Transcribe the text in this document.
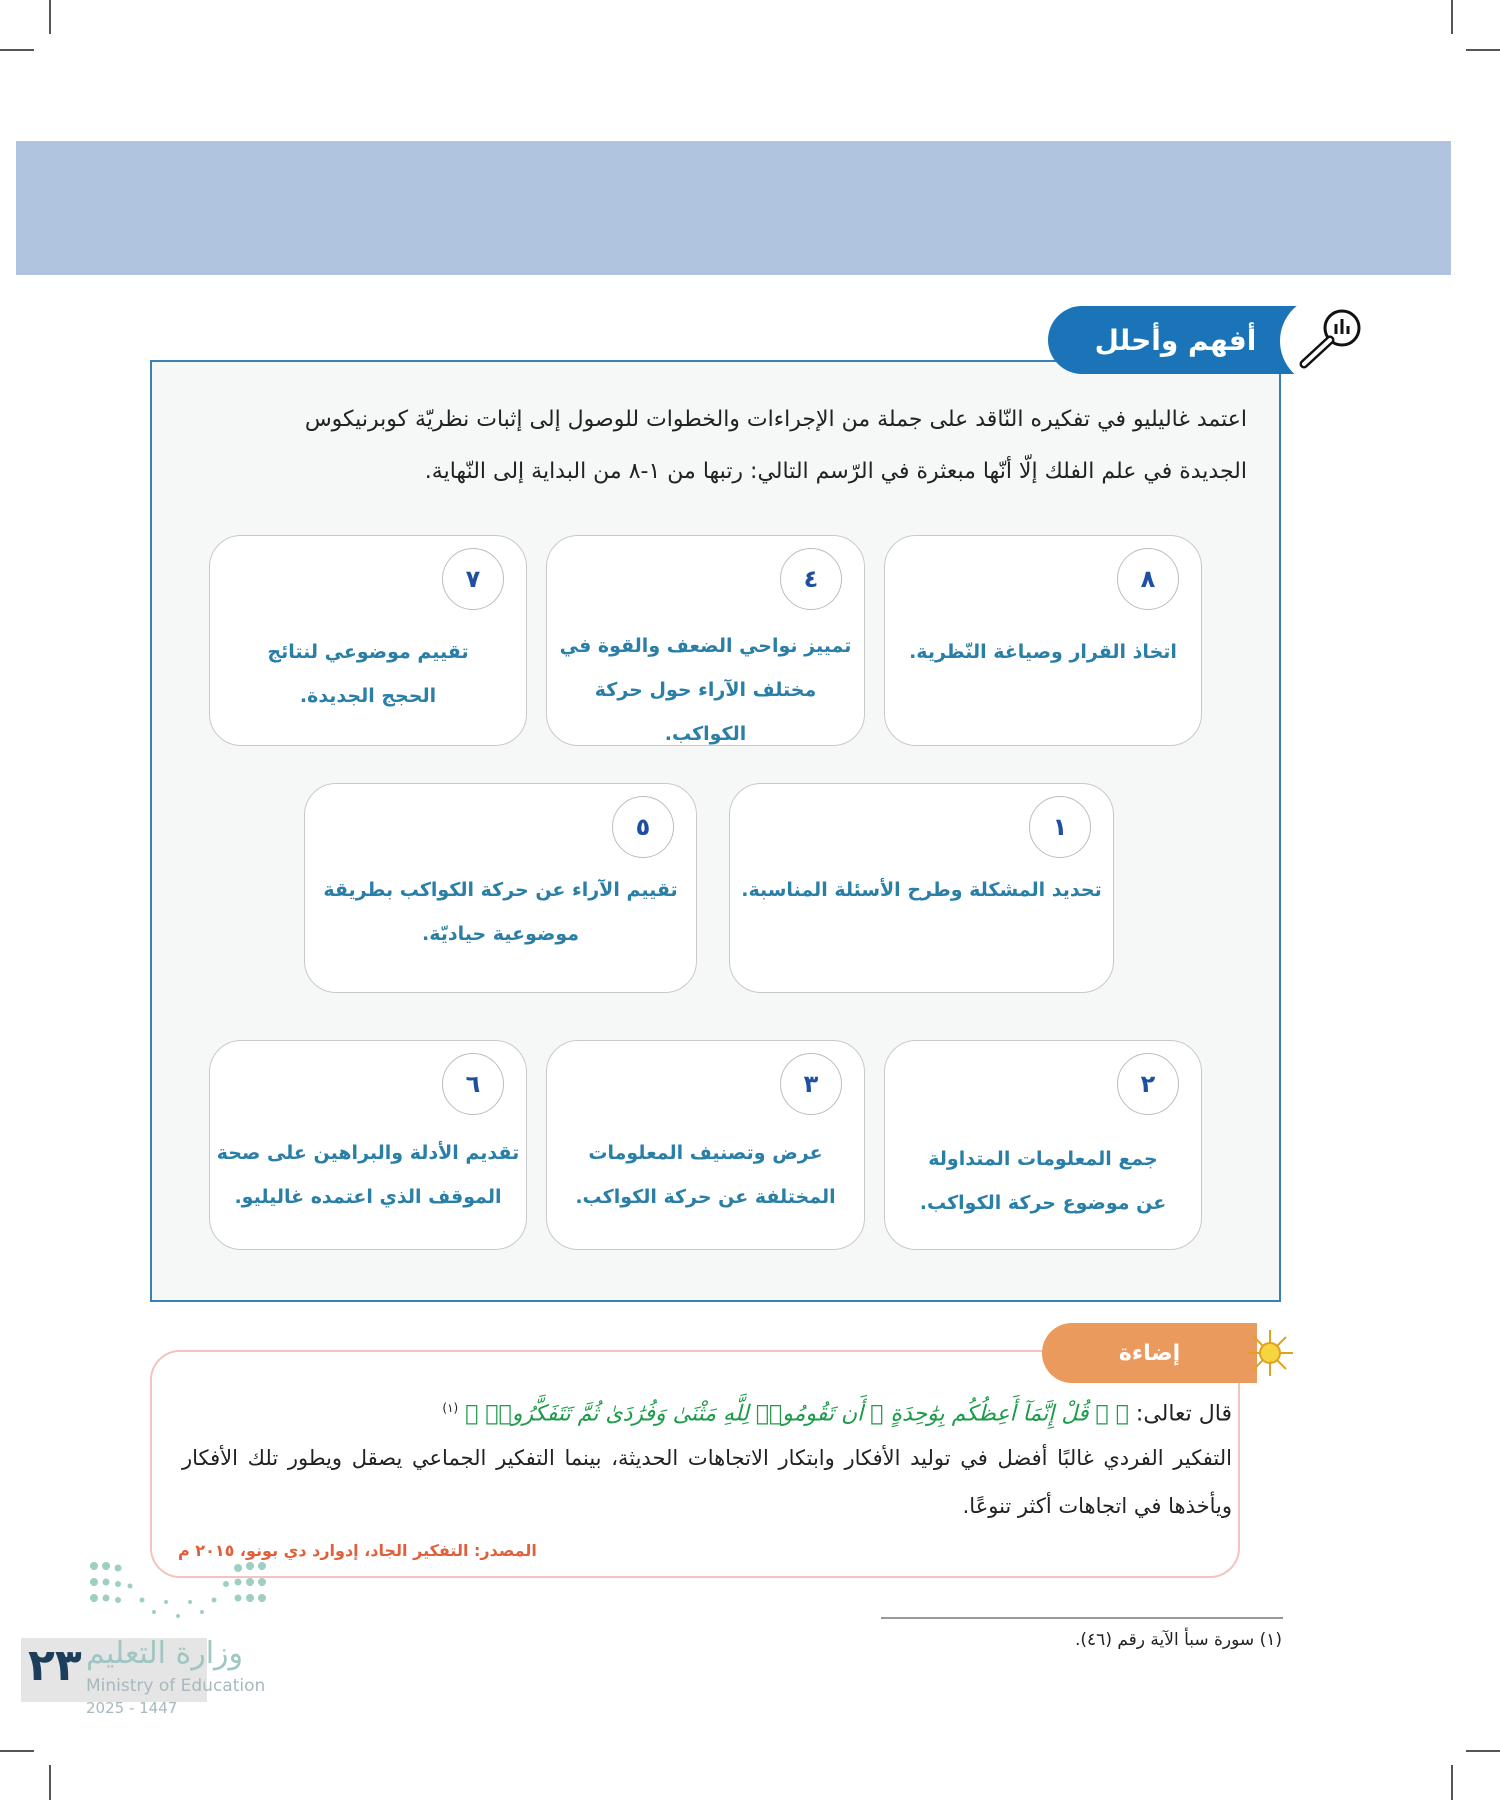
أفهم وأحلل
اعتمد غاليليو في تفكيره النّاقد على جملة من الإجراءات والخطوات للوصول إلى إثبات نظريّة كوبرنيكوس
الجديدة في علم الفلك إلّا أنّها مبعثرة في الرّسم التالي: رتبها من ١-٨ من البداية إلى النّهاية.
٨
اتخاذ القرار وصياغة النّظرية.
٤
تمييز نواحي الضعف والقوة في
مختلف الآراء حول حركة الكواكب.
٧
تقييم موضوعي لنتائج
الحجج الجديدة.
١
تحديد المشكلة وطرح الأسئلة المناسبة.
٥
تقييم الآراء عن حركة الكواكب بطريقة
موضوعية حياديّة.
٢
جمع المعلومات المتداولة
عن موضوع حركة الكواكب.
٣
عرض وتصنيف المعلومات
المختلفة عن حركة الكواكب.
٦
تقديم الأدلة والبراهين على صحة
الموقف الذي اعتمده غاليليو.
إضاءة
قال تعالى: ﴿ ۞ قُلْ إِنَّمَآ أَعِظُكُم بِوَٰحِدَةٍ ۖ أَن تَقُومُوا۟ لِلَّهِ مَثْنَىٰ وَفُرَٰدَىٰ ثُمَّ تَتَفَكَّرُوا۟ ﴾ $^{(١)}$
التفكير الفردي غالبًا أفضل في توليد الأفكار وابتكار الاتجاهات الحديثة، بينما التفكير الجماعي يصقل ويطور تلك الأفكار ويأخذها في اتجاهات أكثر تنوعًا.
المصدر: التفكير الجاد، إدوارد دي بونو، ٢٠١٥ م
(١) سورة سبأ الآية رقم (٤٦).
٢٣ وزارة التعليم
Ministry of Education
2025 - 1447
